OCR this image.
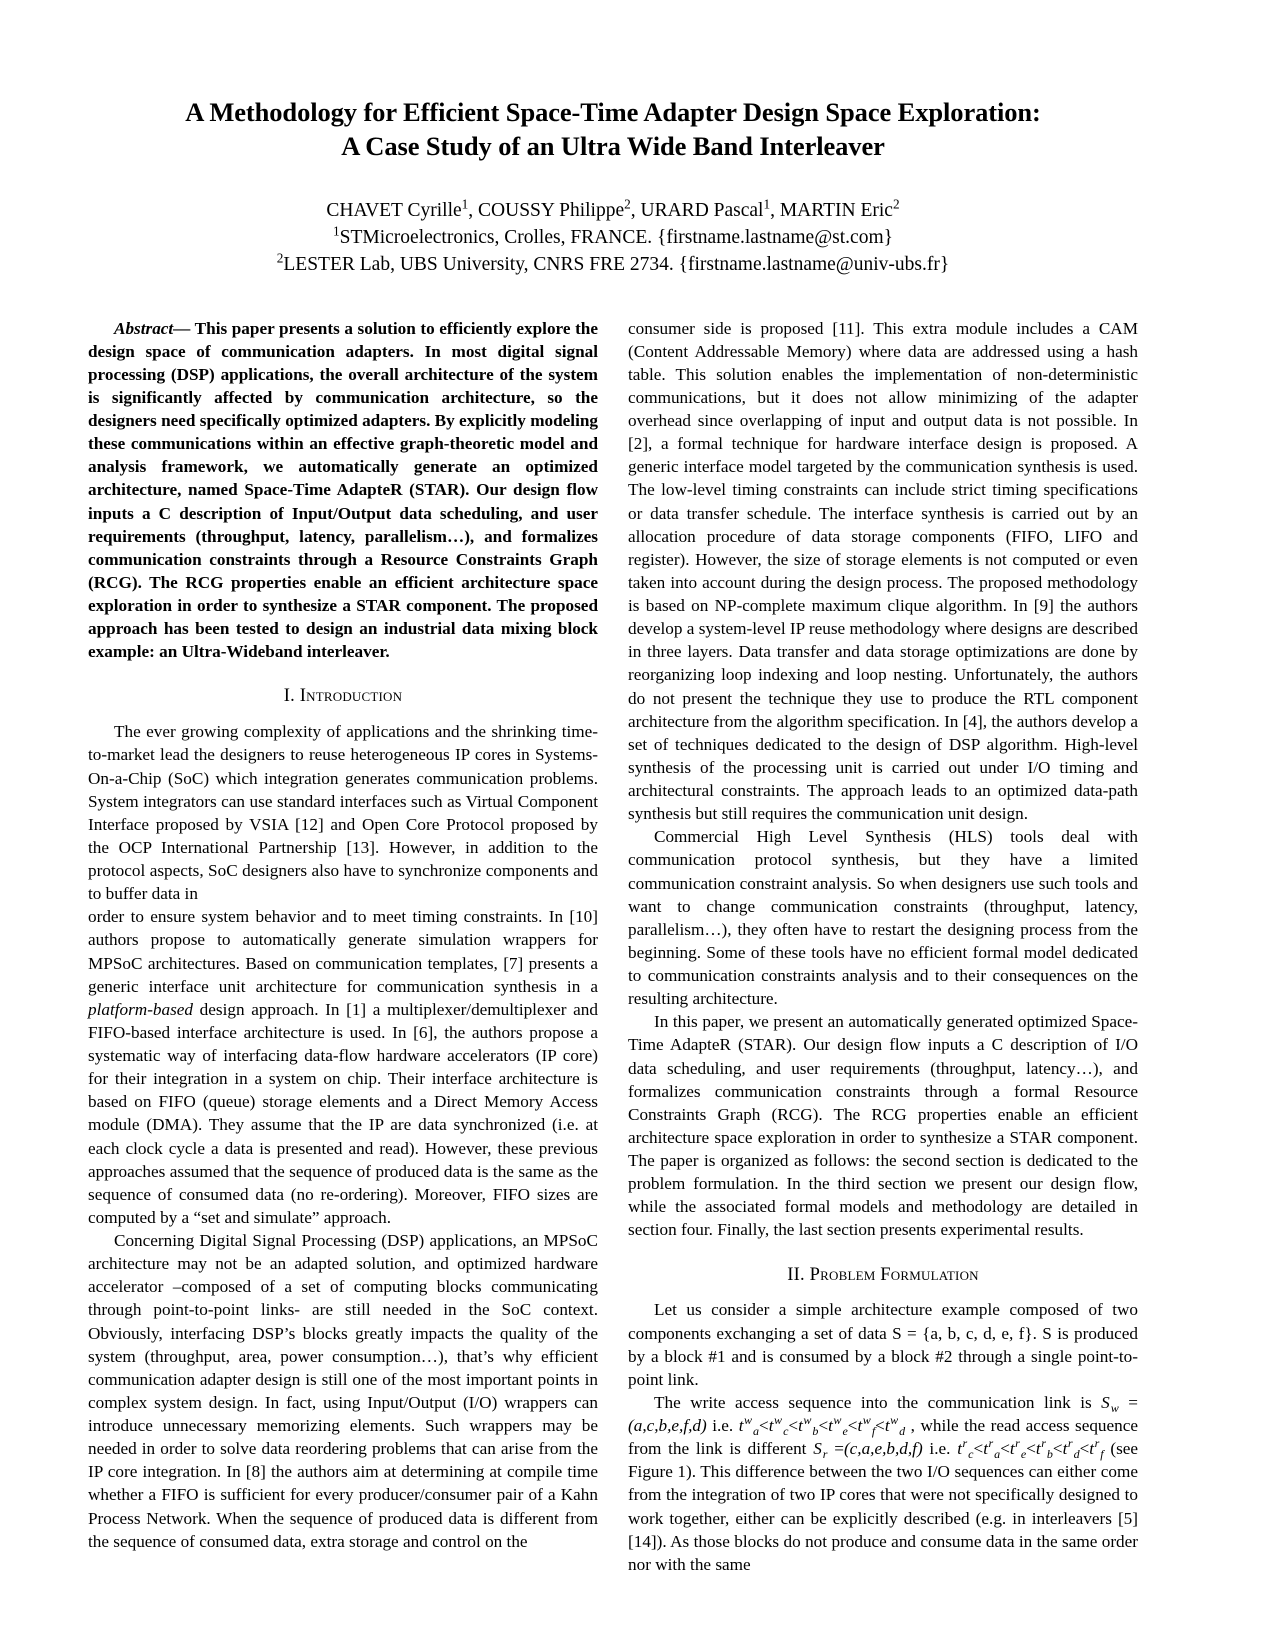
A Methodology for Efficient Space-Time Adapter Design Space Exploration:
A Case Study of an Ultra Wide Band Interleaver
CHAVET Cyrille$^1$, COUSSY Philippe$^2$, URARD Pascal$^1$, MARTIN Eric$^2$
$^1$STMicroelectronics, Crolles, FRANCE. {firstname.lastname@st.com}
$^2$LESTER Lab, UBS University, CNRS FRE 2734. {firstname.lastname@univ-ubs.fr}

Abstract— This paper presents a solution to efficiently explore the design space of communication adapters. In most digital signal processing (DSP) applications, the overall architecture of the system is significantly affected by communication architecture, so the designers need specifically optimized adapters. By explicitly modeling these communications within an effective graph-theoretic model and analysis framework, we automatically generate an optimized architecture, named Space-Time AdapteR (STAR). Our design flow inputs a C description of Input/Output data scheduling, and user requirements (throughput, latency, parallelism…), and formalizes communication constraints through a Resource Constraints Graph (RCG). The RCG properties enable an efficient architecture space exploration in order to synthesize a STAR component. The proposed approach has been tested to design an industrial data mixing block example: an Ultra-Wideband interleaver.

I. Introduction

The ever growing complexity of applications and the shrinking time-to-market lead the designers to reuse heterogeneous IP cores in Systems-On-a-Chip (SoC) which integration generates communication problems. System integrators can use standard interfaces such as Virtual Component Interface proposed by VSIA [12] and Open Core Protocol proposed by the OCP International Partnership [13]. However, in addition to the protocol aspects, SoC designers also have to synchronize components and to buffer data in

order to ensure system behavior and to meet timing constraints. In [10] authors propose to automatically generate simulation wrappers for MPSoC architectures. Based on communication templates, [7] presents a generic interface unit architecture for communication synthesis in a platform-based design approach. In [1] a multiplexer/demultiplexer and FIFO-based interface architecture is used. In [6], the authors propose a systematic way of interfacing data-flow hardware accelerators (IP core) for their integration in a system on chip. Their interface architecture is based on FIFO (queue) storage elements and a Direct Memory Access module (DMA). They assume that the IP are data synchronized (i.e. at each clock cycle a data is presented and read). However, these previous approaches assumed that the sequence of produced data is the same as the sequence of consumed data (no re-ordering). Moreover, FIFO sizes are computed by a “set and simulate” approach.

Concerning Digital Signal Processing (DSP) applications, an MPSoC architecture may not be an adapted solution, and optimized hardware accelerator –composed of a set of computing blocks communicating through point-to-point links- are still needed in the SoC context. Obviously, interfacing DSP’s blocks greatly impacts the quality of the system (throughput, area, power consumption…), that’s why efficient communication adapter design is still one of the most important points in complex system design. In fact, using Input/Output (I/O) wrappers can introduce unnecessary memorizing elements. Such wrappers may be needed in order to solve data reordering problems that can arise from the IP core integration. In [8] the authors aim at determining at compile time whether a FIFO is sufficient for every producer/consumer pair of a Kahn Process Network. When the sequence of produced data is different from the sequence of consumed data, extra storage and control on the

consumer side is proposed [11]. This extra module includes a CAM (Content Addressable Memory) where data are addressed using a hash table. This solution enables the implementation of non-deterministic communications, but it does not allow minimizing of the adapter overhead since overlapping of input and output data is not possible. In [2], a formal technique for hardware interface design is proposed. A generic interface model targeted by the communication synthesis is used. The low-level timing constraints can include strict timing specifications or data transfer schedule. The interface synthesis is carried out by an allocation procedure of data storage components (FIFO, LIFO and register). However, the size of storage elements is not computed or even taken into account during the design process. The proposed methodology is based on NP-complete maximum clique algorithm. In [9] the authors develop a system-level IP reuse methodology where designs are described in three layers. Data transfer and data storage optimizations are done by reorganizing loop indexing and loop nesting. Unfortunately, the authors do not present the technique they use to produce the RTL component architecture from the algorithm specification. In [4], the authors develop a set of techniques dedicated to the design of DSP algorithm. High-level synthesis of the processing unit is carried out under I/O timing and architectural constraints. The approach leads to an optimized data-path synthesis but still requires the communication unit design.

Commercial High Level Synthesis (HLS) tools deal with communication protocol synthesis, but they have a limited communication constraint analysis. So when designers use such tools and want to change communication constraints (throughput, latency, parallelism…), they often have to restart the designing process from the beginning. Some of these tools have no efficient formal model dedicated to communication constraints analysis and to their consequences on the resulting architecture.

In this paper, we present an automatically generated optimized Space-Time AdapteR (STAR). Our design flow inputs a C description of I/O data scheduling, and user requirements (throughput, latency…), and formalizes communication constraints through a formal Resource Constraints Graph (RCG). The RCG properties enable an efficient architecture space exploration in order to synthesize a STAR component. The paper is organized as follows: the second section is dedicated to the problem formulation. In the third section we present our design flow, while the associated formal models and methodology are detailed in section four. Finally, the last section presents experimental results.

II. Problem Formulation

Let us consider a simple architecture example composed of two components exchanging a set of data S = {a, b, c, d, e, f}. S is produced by a block #1 and is consumed by a block #2 through a single point-to-point link.

The write access sequence into the communication link is $S_w = (a,c,b,e,f,d)$ i.e. $t^w_a<t^w_c<t^w_b<t^w_e<t^w_f<t^w_d$ , while the read access sequence from the link is different $S_r =(c,a,e,b,d,f)$ i.e. $t^r_c<t^r_a<t^r_e<t^r_b<t^r_d<t^r_f$ (see Figure 1). This difference between the two I/O sequences can either come from the integration of two IP cores that were not specifically designed to work together, either can be explicitly described (e.g. in interleavers [5][14]). As those blocks do not produce and consume data in the same order nor with the same
